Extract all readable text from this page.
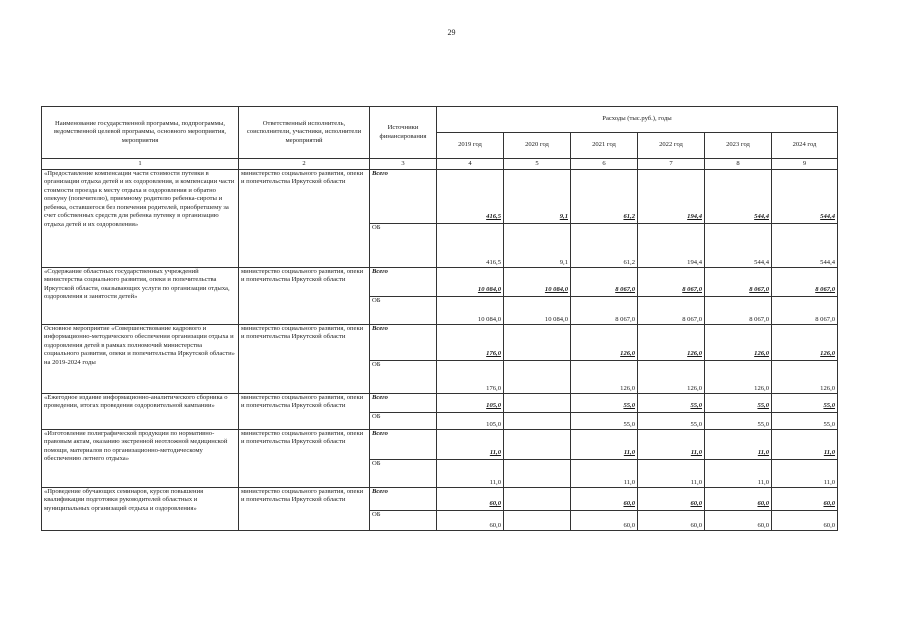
29
Наименование государственной программы, подпрограммы, ведомственной целевой программы, основного мероприятия, мероприятия	Ответственный исполнитель, соисполнители, участники, исполнители мероприятий	Источники финансирования	Расходы (тыс.руб.), годы					
			2019 год	2020 год	2021 год	2022 год	2023 год	2024 год
1	2	3	4	5	6	7	8	9
«Предоставление компенсации части стоимости путевки в организации отдыха детей и их оздоровления, и компенсации части стоимости проезда к месту отдыха и оздоровления и обратно опекуну (попечителю), приемному родителю ребенка-сироты и ребенка, оставшегося без попечения родителей, приобретшему за счет собственных средств для ребенка путевку в организацию отдыха детей и их оздоровления»	министерство социального развития, опеки и попечительства Иркутской области	Всего	416,5	9,1	61,2	194,4	544,4	544,4
		ОБ	416,5	9,1	61,2	194,4	544,4	544,4
«Содержание областных государственных учреждений министерства социального развития, опеки и попечительства Иркутской области, оказывающих услуги по организации отдыха, оздоровления и занятости детей»	министерство социального развития, опеки и попечительства Иркутской области	Всего	10 084,0	10 084,0	8 067,0	8 067,0	8 067,0	8 067,0
		ОБ	10 084,0	10 084,0	8 067,0	8 067,0	8 067,0	8 067,0
Основное мероприятие «Совершенствование кадрового и информационно-методического обеспечения организации отдыха и оздоровления детей в рамках полномочий министерства социального развития, опеки и попечительства Иркутской области» на 2019-2024 годы	министерство социального развития, опеки и попечительства Иркутской области	Всего	176,0		126,0	126,0	126,0	126,0
		ОБ	176,0		126,0	126,0	126,0	126,0
«Ежегодное издание информационно-аналитического сборника о проведении, итогах проведения оздоровительной кампании»	министерство социального развития, опеки и попечительства Иркутской области	Всего	105,0		55,0	55,0	55,0	55,0
		ОБ	105,0		55,0	55,0	55,0	55,0
«Изготовление полиграфической продукции по нормативно-правовым актам, оказанию экстренной неотложной медицинской помощи, материалов по организационно-методическому обеспечению летнего отдыха»	министерство социального развития, опеки и попечительства Иркутской области	Всего	11,0		11,0	11,0	11,0	11,0
		ОБ	11,0		11,0	11,0	11,0	11,0
«Проведение обучающих семинаров, курсов повышения квалификации подготовки руководителей областных и муниципальных организаций отдыха и оздоровления»	министерство социального развития, опеки и попечительства Иркутской области	Всего	60,0		60,0	60,0	60,0	60,0
		ОБ	60,0		60,0	60,0	60,0	60,0
